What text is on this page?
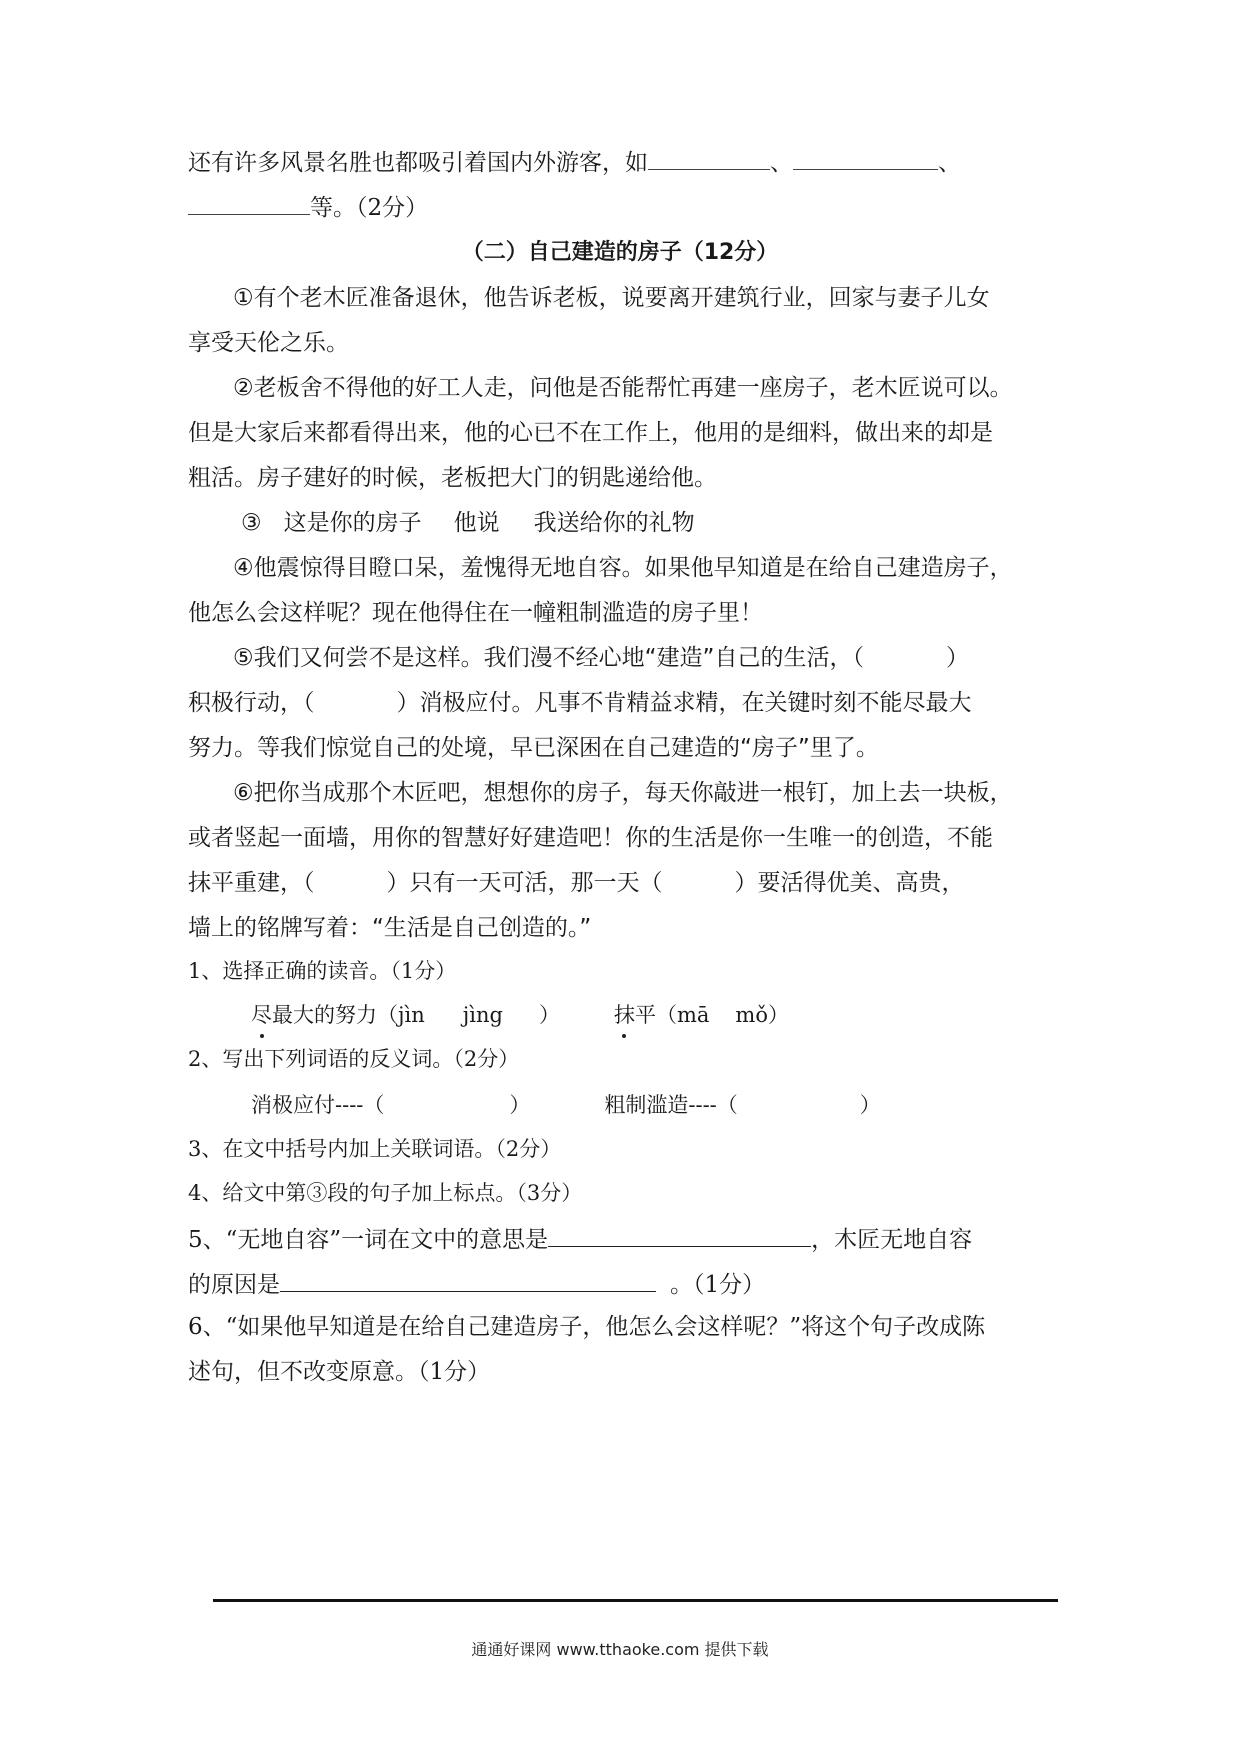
还有许多风景名胜也都吸引着国内外游客，如	、	、
等。（2分）
（二）自己建造的房子（12分）
①有个老木匠准备退休，他告诉老板，说要离开建筑行业，回家与妻子儿女
享受天伦之乐。
②老板舍不得他的好工人走，问他是否能帮忙再建一座房子，老木匠说可以。
但是大家后来都看得出来，他的心已不在工作上，他用的是细料，做出来的却是
粗活。房子建好的时候，老板把大门的钥匙递给他。
③ 这是你的房子 他说 我送给你的礼物
④他震惊得目瞪口呆，羞愧得无地自容。如果他早知道是在给自己建造房子，
他怎么会这样呢？现在他得住在一幢粗制滥造的房子里！
⑤我们又何尝不是这样。我们漫不经心地“建造”自己的生活，（	）
积极行动，（	）消极应付。凡事不肯精益求精，在关键时刻不能尽最大
努力。等我们惊觉自己的处境，早已深困在自己建造的“房子”里了。
⑥把你当成那个木匠吧，想想你的房子，每天你敲进一根钉，加上去一块板，
或者竖起一面墙，用你的智慧好好建造吧！你的生活是你一生唯一的创造，不能
抹平重建，（	）只有一天可活，那一天（	）要活得优美、高贵，
墙上的铭牌写着：“生活是自己创造的。”
1、选择正确的读音。（1分）
尽最大的努力（jìn jìng ）	抹平（mā mǒ）
2、写出下列词语的反义词。（2分）
消极应付----（	）	粗制滥造----（	）
3、在文中括号内加上关联词语。（2分）
4、给文中第③段的句子加上标点。（3分）
5、“无地自容”一词在文中的意思是	，木匠无地自容
的原因是	。（1分）
6、“如果他早知道是在给自己建造房子，他怎么会这样呢？”将这个句子改成陈
述句，但不改变原意。（1分）
通通好课网 www.tthaoke.com 提供下载
